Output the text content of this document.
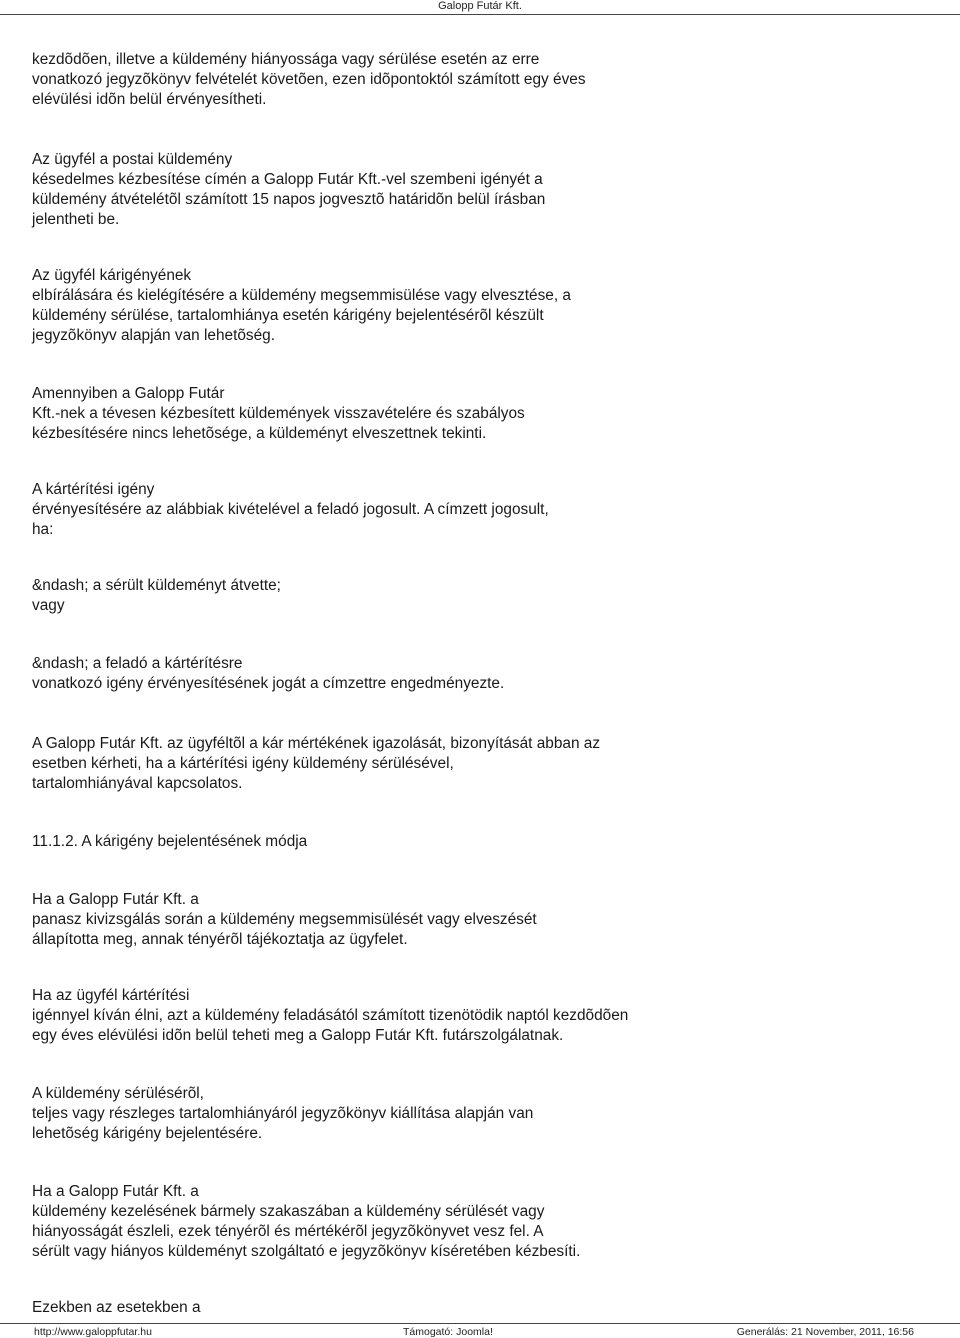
Galopp Futár Kft.
kezdõdõen, illetve a küldemény hiányossága vagy sérülése esetén az erre
vonatkozó jegyzõkönyv felvételét követõen, ezen idõpontoktól számított egy éves
elévülési idõn belül érvényesítheti.
Az ügyfél a postai küldemény
késedelmes kézbesítése címén a Galopp Futár Kft.-vel szembeni igényét a
küldemény átvételétõl számított 15 napos jogvesztõ határidõn belül írásban
jelentheti be.
Az ügyfél kárigényének
elbírálására és kielégítésére a küldemény megsemmisülése vagy elvesztése, a
küldemény sérülése, tartalomhiánya esetén kárigény bejelentésérõl készült
jegyzõkönyv alapján van lehetõség.
Amennyiben a Galopp Futár
Kft.-nek a tévesen kézbesített küldemények visszavételére és szabályos
kézbesítésére nincs lehetõsége, a küldeményt elveszettnek tekinti.
A kártérítési igény
érvényesítésére az alábbiak kivételével a feladó jogosult. A címzett jogosult,
ha:
&ndash; a sérült küldeményt átvette;
vagy
&ndash; a feladó a kártérítésre
vonatkozó igény érvényesítésének jogát a címzettre engedményezte.
A Galopp Futár Kft. az ügyféltõl a kár mértékének igazolását, bizonyítását abban az
esetben kérheti, ha a kártérítési igény küldemény sérülésével,
tartalomhiányával kapcsolatos.
11.1.2. A kárigény bejelentésének módja
Ha a Galopp Futár Kft. a
panasz kivizsgálás során a küldemény megsemmisülését vagy elveszését
állapította meg, annak tényérõl tájékoztatja az ügyfelet.
Ha az ügyfél kártérítési
igénnyel kíván élni, azt a küldemény feladásától számított tizenötödik naptól kezdõdõen
egy éves elévülési idõn belül teheti meg a Galopp Futár Kft. futárszolgálatnak.
A küldemény sérülésérõl,
teljes vagy részleges tartalomhiányáról jegyzõkönyv kiállítása alapján van
lehetõség kárigény bejelentésére.
Ha a Galopp Futár Kft. a
küldemény kezelésének bármely szakaszában a küldemény sérülését vagy
hiányosságát észleli, ezek tényérõl és mértékérõl jegyzõkönyvet vesz fel. A
sérült vagy hiányos küldeményt szolgáltató e jegyzõkönyv kíséretében kézbesíti.
Ezekben az esetekben a
http://www.galoppfutar.hu	Támogató: Joomla!	Generálás: 21 November, 2011, 16:56
